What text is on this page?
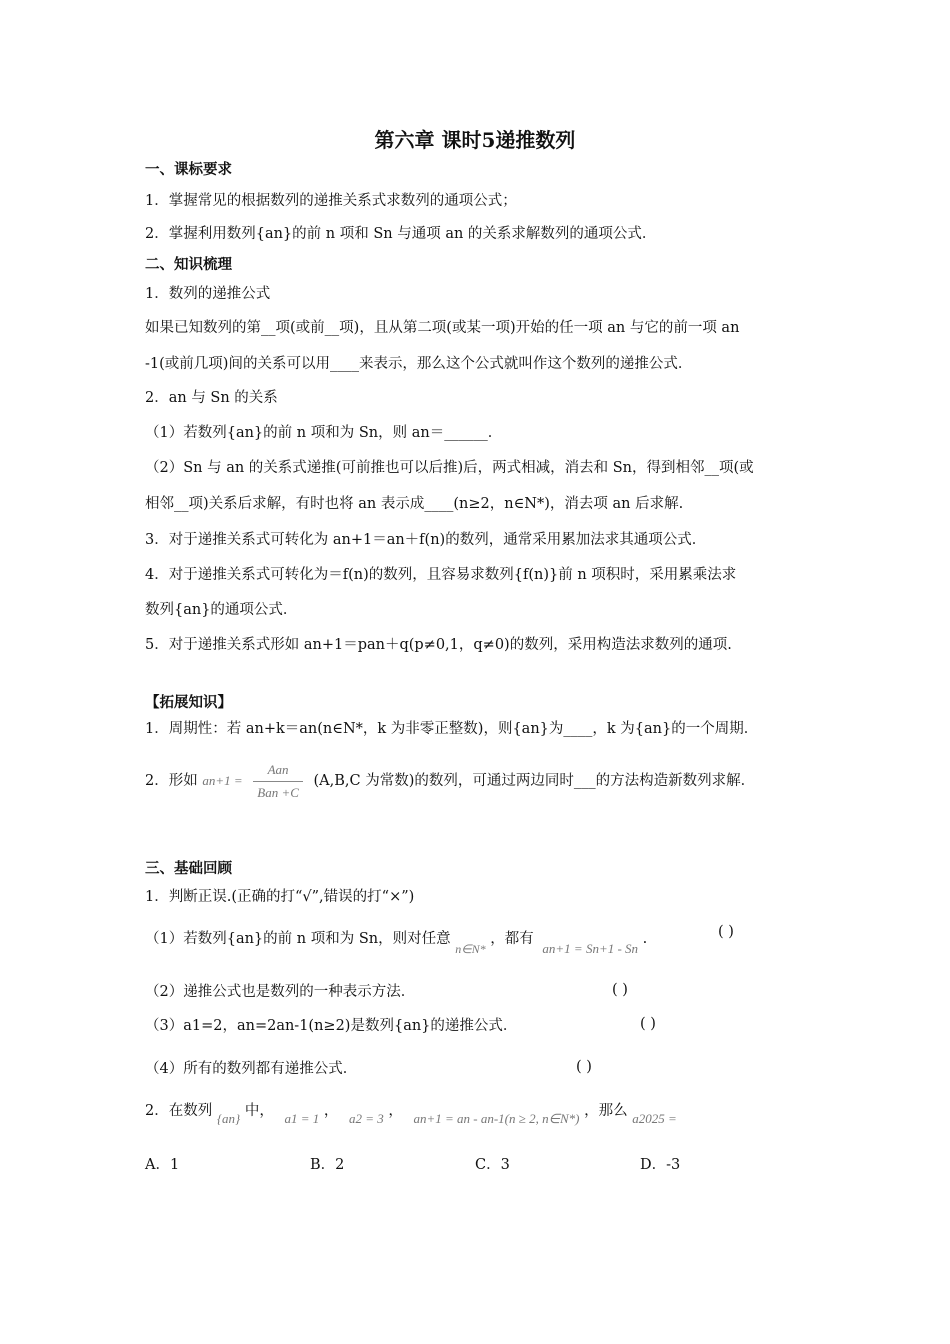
第六章 课时5递推数列
一、课标要求
1．掌握常见的根据数列的递推关系式求数列的通项公式；
2．掌握利用数列{an}的前 n 项和 Sn 与通项 an 的关系求解数列的通项公式．
二、知识梳理
1．数列的递推公式
如果已知数列的第__项(或前__项)，且从第二项(或某一项)开始的任一项 an 与它的前一项 an
-1(或前几项)间的关系可以用____来表示，那么这个公式就叫作这个数列的递推公式．
2．an 与 Sn 的关系
（1）若数列{an}的前 n 项和为 Sn，则 an＝______．
（2）Sn 与 an 的关系式递推(可前推也可以后推)后，两式相减，消去和 Sn，得到相邻__项(或
相邻__项)关系后求解，有时也将 an 表示成____(n≥2，n∈N*)，消去项 an 后求解.
3．对于递推关系式可转化为 an+1＝an＋f(n)的数列，通常采用累加法求其通项公式．
4．对于递推关系式可转化为＝f(n)的数列，且容易求数列{f(n)}前 n 项积时，采用累乘法求
数列{an}的通项公式．
5．对于递推关系式形如 an+1＝pan＋q(p≠0,1，q≠0)的数列，采用构造法求数列的通项.
【拓展知识】
1．周期性：若 an+k＝an(n∈N*，k 为非零正整数)，则{an}为____，k 为{an}的一个周期．
2．形如 $an+1 = \frac{\text{Aan}}{\text{Ban +C}} (A,B,C$ 为常数)的数列，可通过两边同时___的方法构造新数列求解．
三、基础回顾
1．判断正误.(正确的打“√”,错误的打“×”)
（1）若数列{an}的前 n 项和为 Sn，则对任意 $_{n\in N*}$ ，都有 an+1 = Sn+1 - Sn .	( )
（2）递推公式也是数列的一种表示方法．	( )
（3）a1=2，an=2an-1(n≥2)是数列{an}的递推公式．	( )
（4）所有的数列都有递推公式．	( )
2．在数列 {an} 中， a1 = 1 ， a2 = 3 ， an+1 = an - an-1(n ≥ 2, n∈N*) ，那么 a2025 =
A．1	B．2	C．3	D．-3
